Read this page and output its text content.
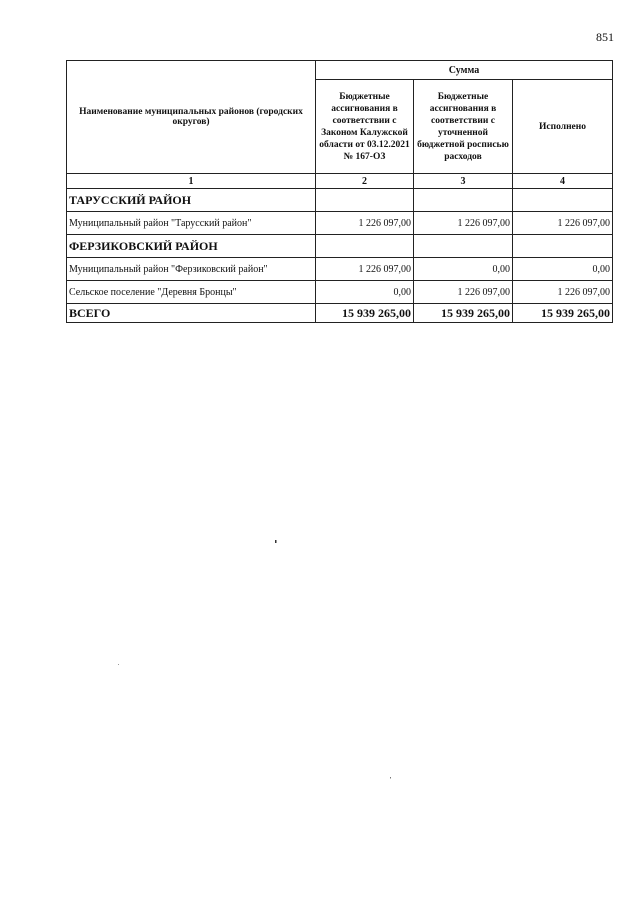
851
Наименование муниципальных районов (городских округов)	Сумма		
	Бюджетные ассигнования в соответствии с Законом Калужской области от 03.12.2021 № 167-ОЗ	Бюджетные ассигнования в соответствии с уточненной бюджетной росписью расходов	Исполнено
1	2	3	4
ТАРУССКИЙ РАЙОН			
Муниципальный район "Тарусский район"	1 226 097,00	1 226 097,00	1 226 097,00
ФЕРЗИКОВСКИЙ РАЙОН			
Муниципальный район "Ферзиковский район"	1 226 097,00	0,00	0,00
Сельское поселение "Деревня Бронцы"	0,00	1 226 097,00	1 226 097,00
ВСЕГО	15 939 265,00	15 939 265,00	15 939 265,00
